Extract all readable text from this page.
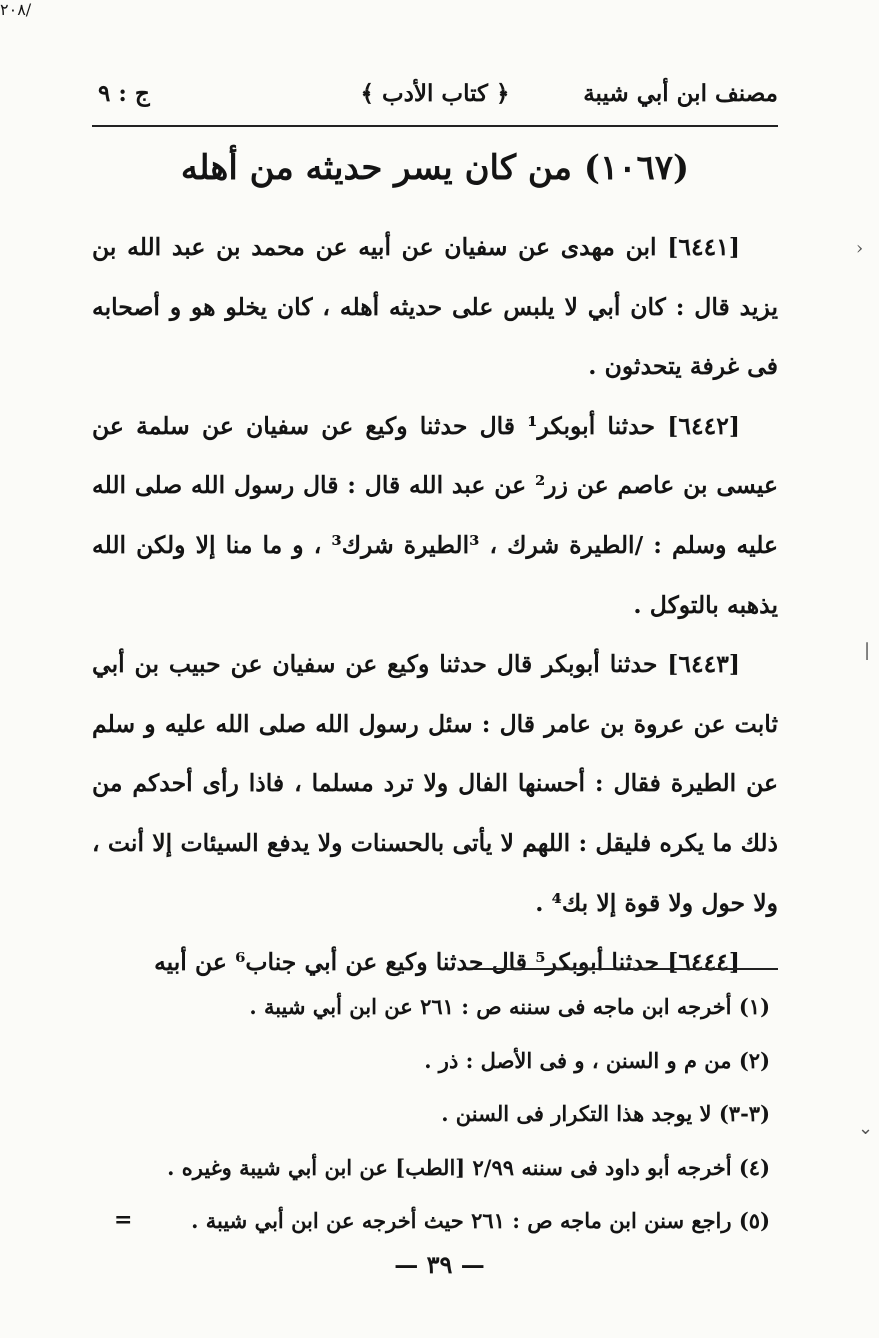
مصنف ابن أبي شيبة
﴿ كتاب الأدب ﴾
ج : ٩
(١٠٦٧) من كان يسر حديثه من أهله

[٦٤٤١] ابن مهدى عن سفيان عن أبيه عن محمد بن عبد الله بن يزيد قال : كان أبي لا يلبس على حديثه أهله ، كان يخلو هو و أصحابه فى غرفة يتحدثون .

[٦٤٤٢] حدثنا أبوبكر¹ قال حدثنا وكيع عن سفيان عن سلمة عن عيسى بن عاصم عن زر² عن عبد الله قال : قال رسول الله صلى الله عليه وسلم : /الطيرة شرك ، ³الطيرة شرك³ ، و ما منا إلا ولكن الله يذهبه بالتوكل .

[٦٤٤٣] حدثنا أبوبكر قال حدثنا وكيع عن سفيان عن حبيب بن أبي ثابت عن عروة بن عامر قال : سئل رسول الله صلى الله عليه و سلم عن الطيرة فقال : أحسنها الفال ولا ترد مسلما ، فاذا رأى أحدكم من ذلك ما يكره فليقل : اللهم لا يأتى بالحسنات ولا يدفع السيئات إلا أنت ، ولا حول ولا قوة إلا بك⁴ .

[٦٤٤٤] حدثنا أبوبكر⁵ قال حدثنا وكيع عن أبي جناب⁶ عن أبيه

٢٠٨/

(١) أخرجه ابن ماجه فى سننه ص : ٢٦١ عن ابن أبي شيبة .

(٢) من م و السنن ، و فى الأصل : ذر .

(٣-٣) لا يوجد هذا التكرار فى السنن .

(٤) أخرجه أبو داود فى سننه ٢/٩٩ [الطب] عن ابن أبي شيبة وغيره .

(٥) راجع سنن ابن ماجه ص : ٢٦١ حيث أخرجه عن ابن أبي شيبة .
=

— ٣٩ —
›
|
⌄
